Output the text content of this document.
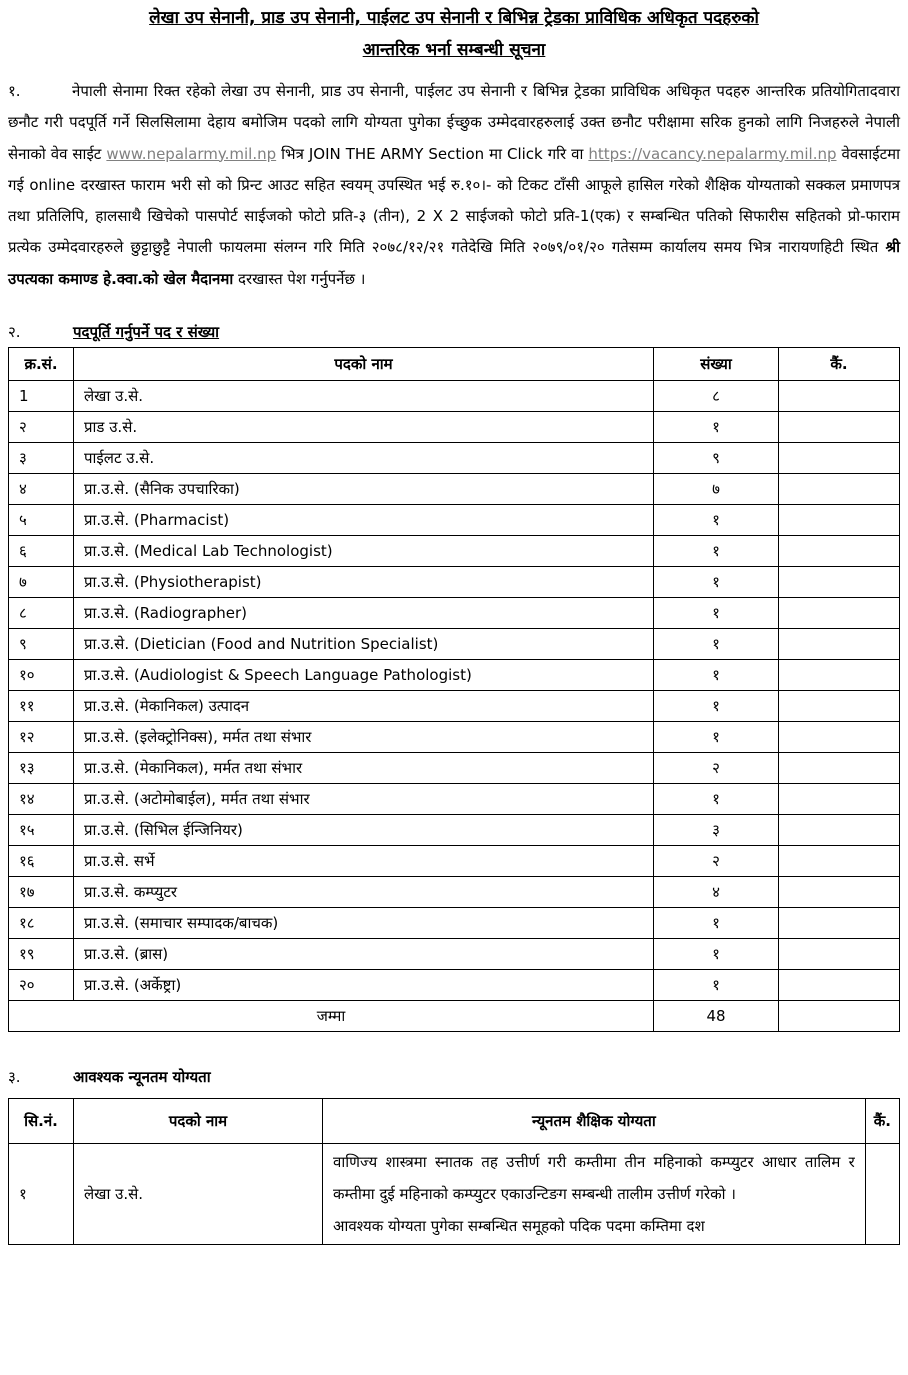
लेखा उप सेनानी, प्राड उप सेनानी, पाईलट उप सेनानी र बिभिन्न ट्रेडका प्राविधिक अधिकृत पदहरुको
आन्तरिक भर्ना सम्बन्धी सूचना
१.	नेपाली सेनामा रिक्त रहेको लेखा उप सेनानी, प्राड उप सेनानी, पाईलट उप सेनानी र बिभिन्न ट्रेडका प्राविधिक अधिकृत पदहरु आन्तरिक प्रतियोगितादवारा छनौट गरी पदपूर्ति गर्ने सिलसिलामा देहाय बमोजिम पदको लागि योग्यता पुगेका ईच्छुक उम्मेदवारहरुलाई उक्त छनौट परीक्षामा सरिक हुनको लागि निजहरुले नेपाली सेनाको वेव साईट www.nepalarmy.mil.np भित्र JOIN THE ARMY Section मा Click गरि वा https://vacancy.nepalarmy.mil.np वेवसाईटमा गई online दरखास्त फाराम भरी सो को प्रिन्ट आउट सहित स्वयम् उपस्थित भई रु.१०।- को टिकट टाँसी आफूले हासिल गरेको शैक्षिक योग्यताको सक्कल प्रमाणपत्र तथा प्रतिलिपि, हालसाथै खिचेको पासपोर्ट साईजको फोटो प्रति-३ (तीन), 2 X 2 साईजको फोटो प्रति-1(एक) र सम्बन्धित पतिको सिफारीस सहितको प्रो-फाराम प्रत्येक उम्मेदवारहरुले छुट्टाछुट्टै नेपाली फायलमा संलग्न गरि मिति २०७८/१२/२१ गतेदेखि मिति २०७९/०१/२० गतेसम्म कार्यालय समय भित्र नारायणहिटी स्थित श्री उपत्यका कमाण्ड हे.क्वा.को खेल मैदानमा दरखास्त पेश गर्नुपर्नेछ ।
२.	पदपूर्ति गर्नुपर्ने पद र संख्या
क्र.सं.	पदको नाम	संख्या	कैं.
1	लेखा उ.से.	८	
२	प्राड उ.से.	१	
३	पाईलट उ.से.	९	
४	प्रा.उ.से. (सैनिक उपचारिका)	७	
५	प्रा.उ.से. (Pharmacist)	१	
६	प्रा.उ.से. (Medical Lab Technologist)	१	
७	प्रा.उ.से. (Physiotherapist)	१	
८	प्रा.उ.से. (Radiographer)	१	
९	प्रा.उ.से. (Dietician (Food and Nutrition Specialist)	१	
१०	प्रा.उ.से. (Audiologist & Speech Language Pathologist)	१	
११	प्रा.उ.से. (मेकानिकल) उत्पादन	१	
१२	प्रा.उ.से. (इलेक्ट्रोनिक्स), मर्मत तथा संभार	१	
१३	प्रा.उ.से. (मेकानिकल), मर्मत तथा संभार	२	
१४	प्रा.उ.से. (अटोमोबाईल), मर्मत तथा संभार	१	
१५	प्रा.उ.से. (सिभिल ईन्जिनियर)	३	
१६	प्रा.उ.से. सर्भे	२	
१७	प्रा.उ.से. कम्प्युटर	४	
१८	प्रा.उ.से. (समाचार सम्पादक/बाचक)	१	
१९	प्रा.उ.से. (ब्रास)	१	
२०	प्रा.उ.से. (अर्केष्ट्रा)	१	
जम्मा		48	
३.	आवश्यक न्यूनतम योग्यता
सि.नं.	पदको नाम	न्यूनतम शैक्षिक योग्यता	कैं.
१	लेखा उ.से.	वाणिज्य शास्त्रमा स्नातक तह उत्तीर्ण गरी कम्तीमा तीन महिनाको कम्प्युटर आधार तालिम र कम्तीमा दुई महिनाको कम्प्युटर एकाउन्टिङग सम्बन्धी तालीम उत्तीर्ण गरेको ।

आवश्यक योग्यता पुगेका सम्बन्धित समूहको पदिक पदमा कम्तिमा दश	
